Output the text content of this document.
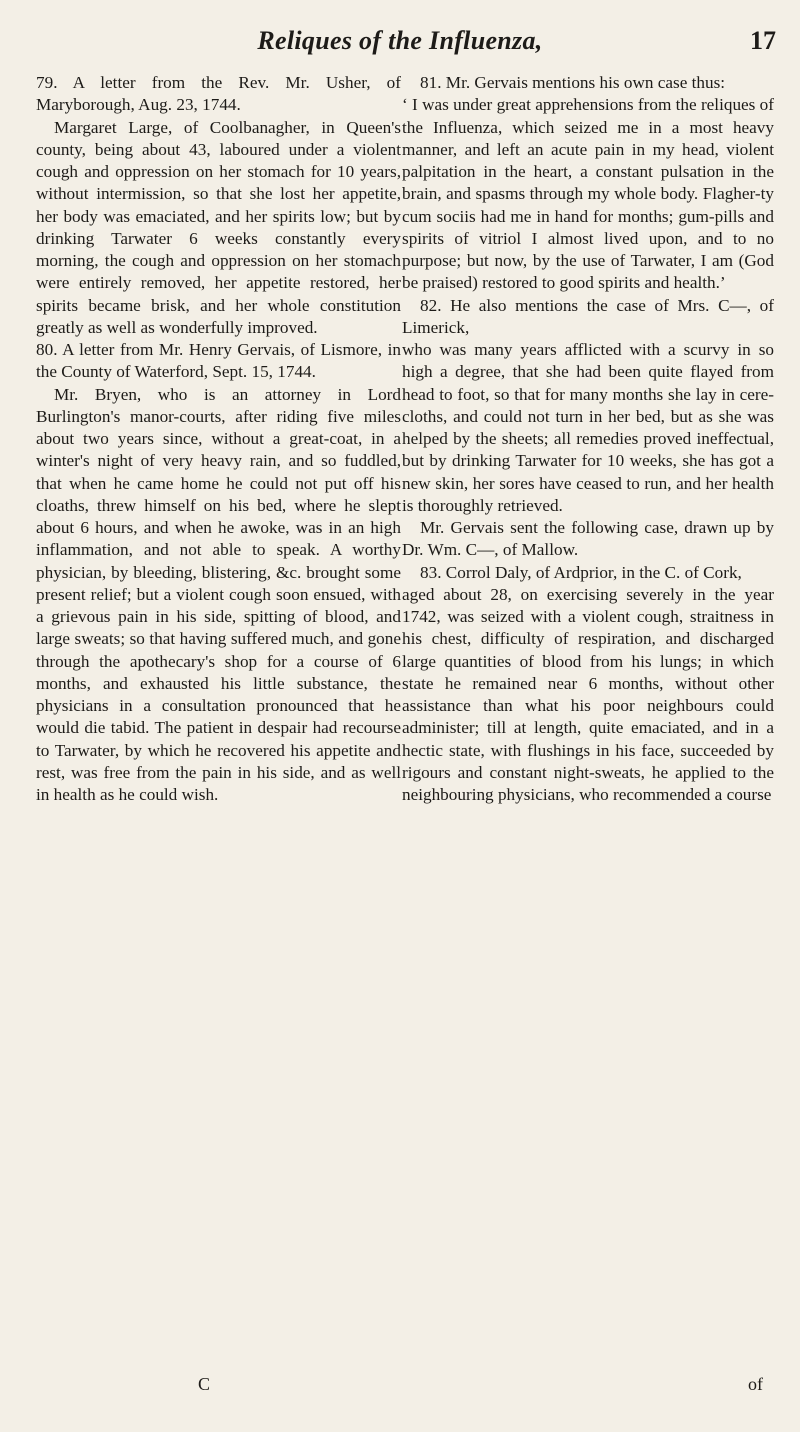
Reliques of the Influenza,	17

79. A letter from the Rev. Mr. Usher, of Maryborough, Aug. 23, 1744.

Margaret Large, of Coolbanagher, in Queen's county, being about 43, laboured under a violent cough and oppression on her stomach for 10 years, without intermission, so that she lost her appetite, her body was emaciated, and her spirits low; but by drinking Tarwater 6 weeks constantly every morning, the cough and oppression on her stomach were entirely removed, her appetite restored, her spirits became brisk, and her whole constitution greatly as well as wonderfully improved.

80. A letter from Mr. Henry Gervais, of Lismore, in the County of Waterford, Sept. 15, 1744.

Mr. Bryen, who is an attorney in Lord Burlington's manor-courts, after riding five miles about two years since, without a great-coat, in a winter's night of very heavy rain, and so fuddled, that when he came home he could not put off his cloaths, threw himself on his bed, where he slept about 6 hours, and when he awoke, was in an high inflammation, and not able to speak. A worthy physician, by bleeding, blistering, &c. brought some present relief; but a violent cough soon ensued, with a grievous pain in his side, spitting of blood, and large sweats; so that having suffered much, and gone through the apothecary's shop for a course of 6 months, and exhausted his little substance, the physicians in a consultation pronounced that he would die tabid. The patient in despair had recourse to Tarwater, by which he recovered his appetite and rest, was free from the pain in his side, and as well in health as he could wish.

81. Mr. Gervais mentions his own case thus:

‘ I was under great apprehensions from the reliques of the Influenza, which seized me in a most heavy manner, and left an acute pain in my head, violent palpitation in the heart, a constant pulsation in the brain, and spasms through my whole body. Flagher-ty cum sociis had me in hand for months; gum-pills and spirits of vitriol I almost lived upon, and to no purpose; but now, by the use of Tarwater, I am (God be praised) restored to good spirits and health.’

82. He also mentions the case of Mrs. C—, of Limerick,

who was many years afflicted with a scurvy in so high a degree, that she had been quite flayed from head to foot, so that for many months she lay in cere-cloths, and could not turn in her bed, but as she was helped by the sheets; all remedies proved ineffectual, but by drinking Tarwater for 10 weeks, she has got a new skin, her sores have ceased to run, and her health is thoroughly retrieved.

Mr. Gervais sent the following case, drawn up by Dr. Wm. C—, of Mallow.

83. Corrol Daly, of Ardprior, in the C. of Cork,

aged about 28, on exercising severely in the year 1742, was seized with a violent cough, straitness in his chest, difficulty of respiration, and discharged large quantities of blood from his lungs; in which state he remained near 6 months, without other assistance than what his poor neighbours could administer; till at length, quite emaciated, and in a hectic state, with flushings in his face, succeeded by rigours and constant night-sweats, he applied to the neighbouring physicians, who recommended a course

C	of
